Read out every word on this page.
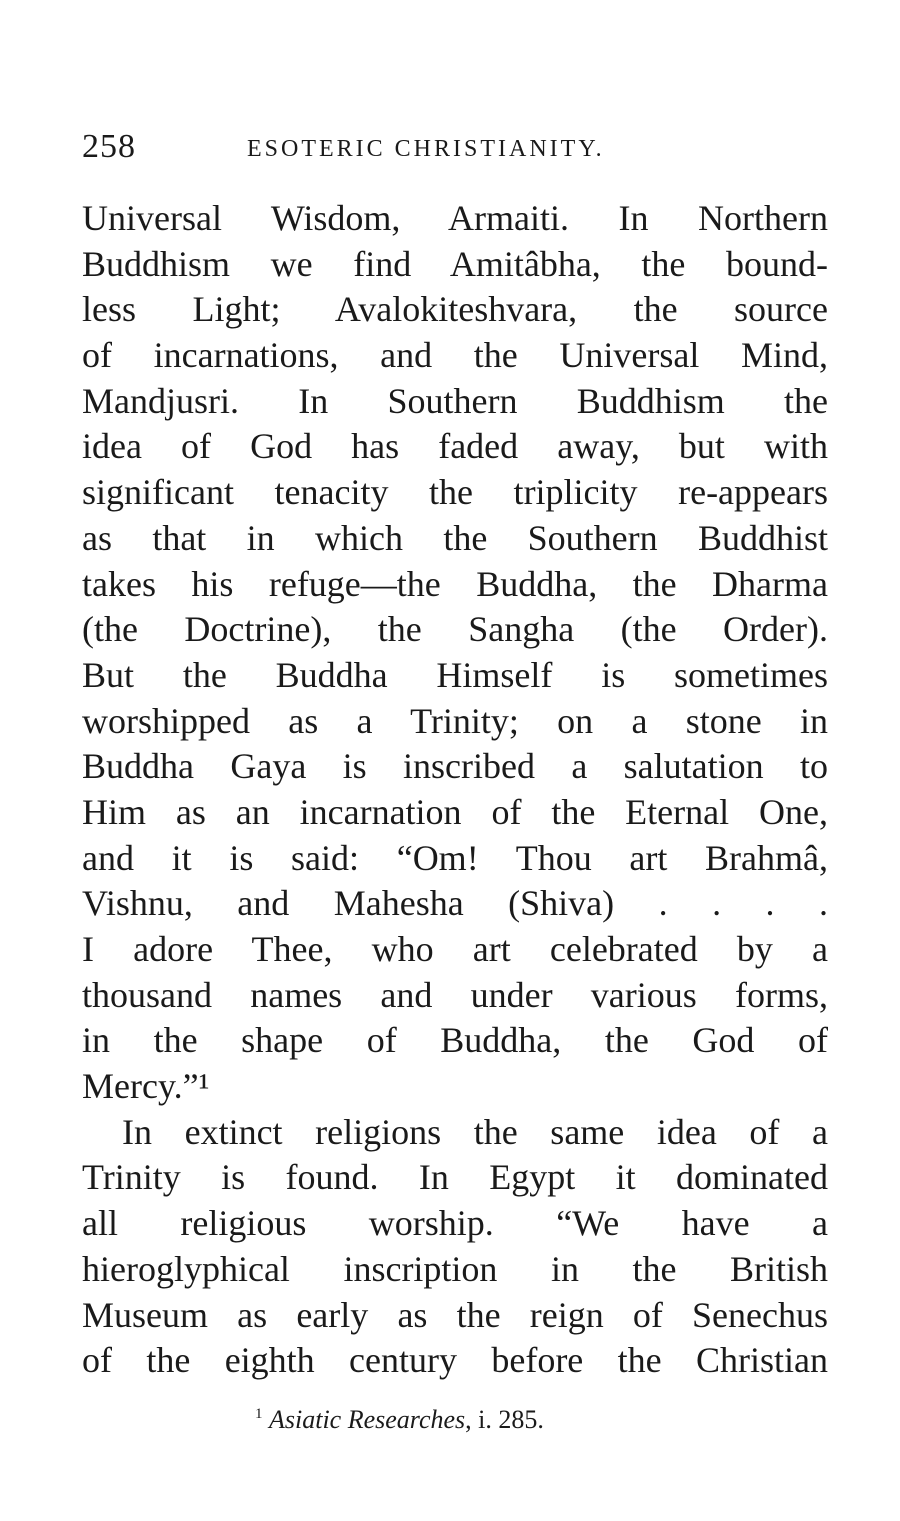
258	ESOTERIC CHRISTIANITY.
Universal Wisdom, Armaiti. In Northern
Buddhism we find Amitâbha, the bound-
less Light; Avalokiteshvara, the source
of incarnations, and the Universal Mind,
Mandjusri. In Southern Buddhism the
idea of God has faded away, but with
significant tenacity the triplicity re-appears
as that in which the Southern Buddhist
takes his refuge—the Buddha, the Dharma
(the Doctrine), the Sangha (the Order).
But the Buddha Himself is sometimes
worshipped as a Trinity; on a stone in
Buddha Gaya is inscribed a salutation to
Him as an incarnation of the Eternal One,
and it is said: “Om! Thou art Brahmâ,
Vishnu, and Mahesha (Shiva) . . . .
I adore Thee, who art celebrated by a
thousand names and under various forms,
in the shape of Buddha, the God of
Mercy.”¹
In extinct religions the same idea of a
Trinity is found. In Egypt it dominated
all religious worship. “We have a
hieroglyphical inscription in the British
Museum as early as the reign of Senechus
of the eighth century before the Christian
$^1$ Asiatic Researches, i. 285.
